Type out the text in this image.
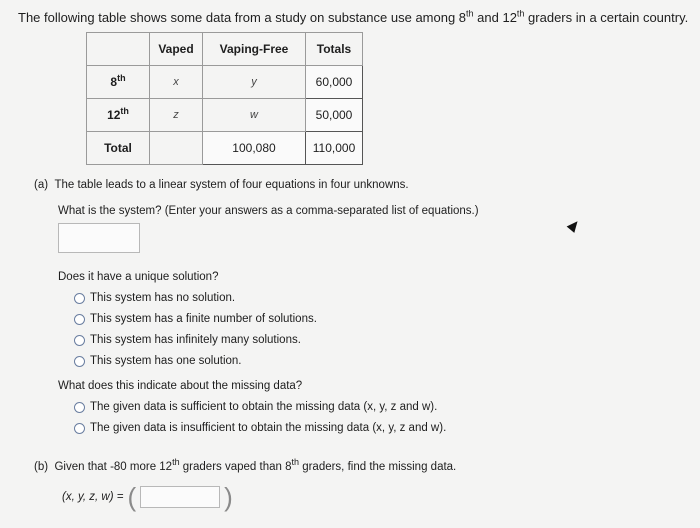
The following table shows some data from a study on substance use among 8th and 12th graders in a certain country.
	Vaped	Vaping-Free	Totals
8th	x	y	60,000
12th	z	w	50,000
Total		100,080	110,000
(a) The table leads to a linear system of four equations in four unknowns.
What is the system? (Enter your answers as a comma-separated list of equations.)
Does it have a unique solution?
This system has no solution.
This system has a finite number of solutions.
This system has infinitely many solutions.
This system has one solution.
What does this indicate about the missing data?
The given data is sufficient to obtain the missing data (x, y, z and w).
The given data is insufficient to obtain the missing data (x, y, z and w).
(b) Given that -80 more 12th graders vaped than 8th graders, find the missing data.
(x, y, z, w) = (	)
